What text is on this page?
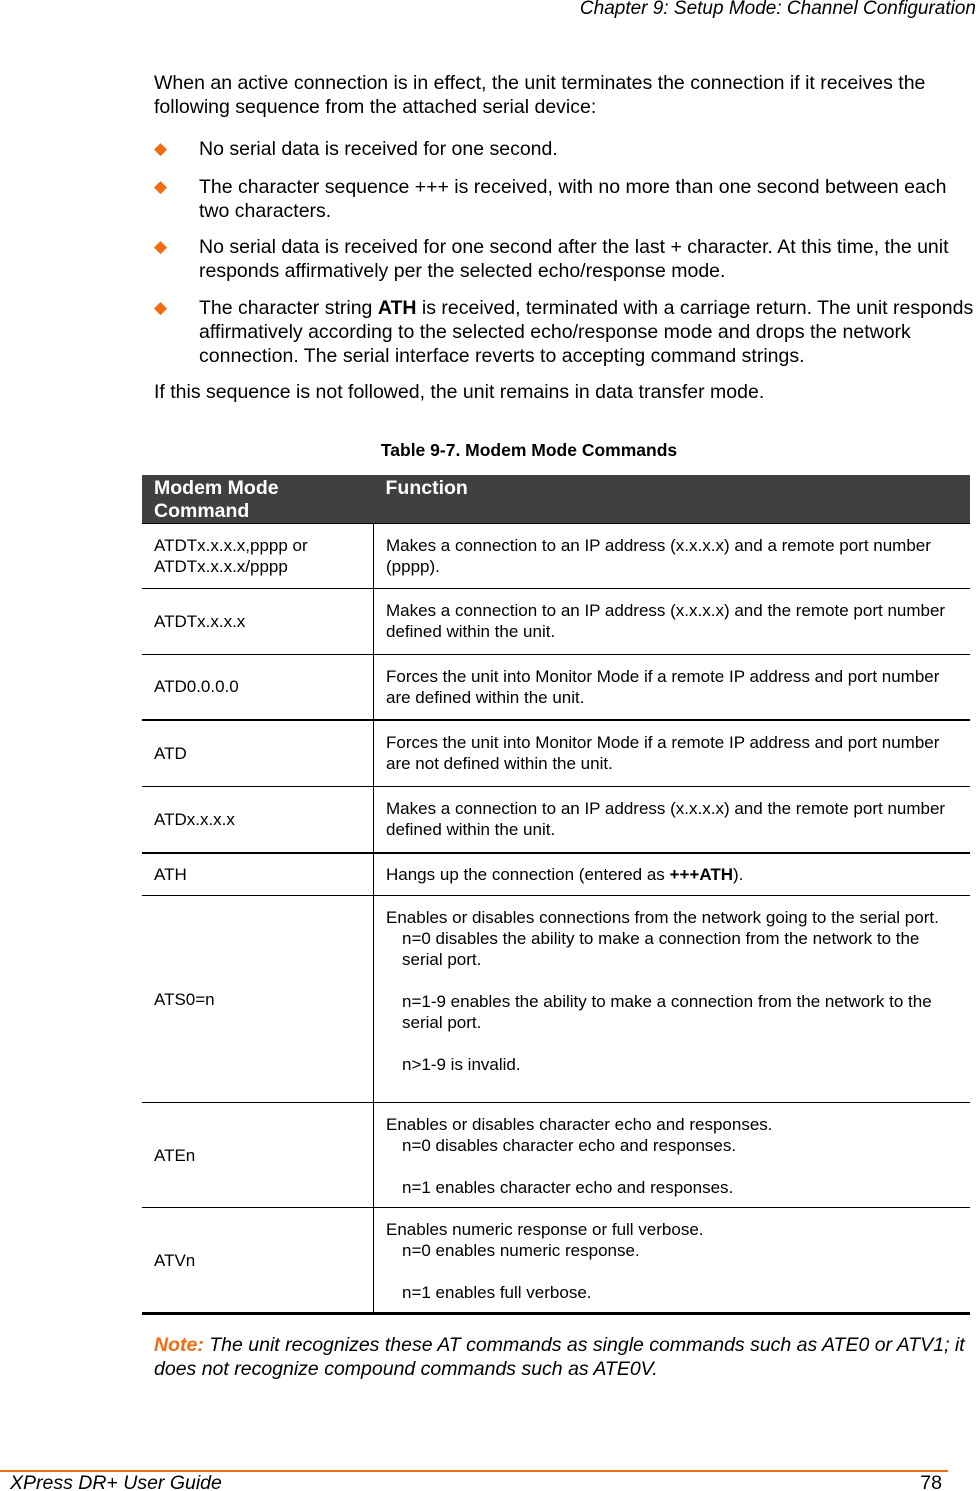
Chapter 9: Setup Mode: Channel Configuration
When an active connection is in effect, the unit terminates the connection if it receives the following sequence from the attached serial device:
◆ No serial data is received for one second.
◆ The character sequence +++ is received, with no more than one second between each two characters.
◆ No serial data is received for one second after the last + character. At this time, the unit responds affirmatively per the selected echo/response mode.
◆ The character string ATH is received, terminated with a carriage return. The unit responds affirmatively according to the selected echo/response mode and drops the network connection. The serial interface reverts to accepting command strings.
If this sequence is not followed, the unit remains in data transfer mode.
Table 9-7. Modem Mode Commands
Modem Mode Command	Function
ATDTx.x.x.x,pppp or ATDTx.x.x.x/pppp	Makes a connection to an IP address (x.x.x.x) and a remote port number (pppp).

ATDTx.x.x.x	Makes a connection to an IP address (x.x.x.x) and the remote port number defined within the unit.

ATD0.0.0.0	Forces the unit into Monitor Mode if a remote IP address and port number are defined within the unit.

ATD	Forces the unit into Monitor Mode if a remote IP address and port number are not defined within the unit.

ATDx.x.x.x	Makes a connection to an IP address (x.x.x.x) and the remote port number defined within the unit.

ATH	Hangs up the connection (entered as +++ATH).

ATS0=n	Enables or disables connections from the network going to the serial port.
n=0 disables the ability to make a connection from the network to the serial port.
n=1-9 enables the ability to make a connection from the network to the serial port.
n>1-9 is invalid.

ATEn	Enables or disables character echo and responses.
n=0 disables character echo and responses.
n=1 enables character echo and responses.

ATVn	Enables numeric response or full verbose.
n=0 enables numeric response.
n=1 enables full verbose.
Note: The unit recognizes these AT commands as single commands such as ATE0 or ATV1; it does not recognize compound commands such as ATE0V.
XPress DR+ User Guide	78
